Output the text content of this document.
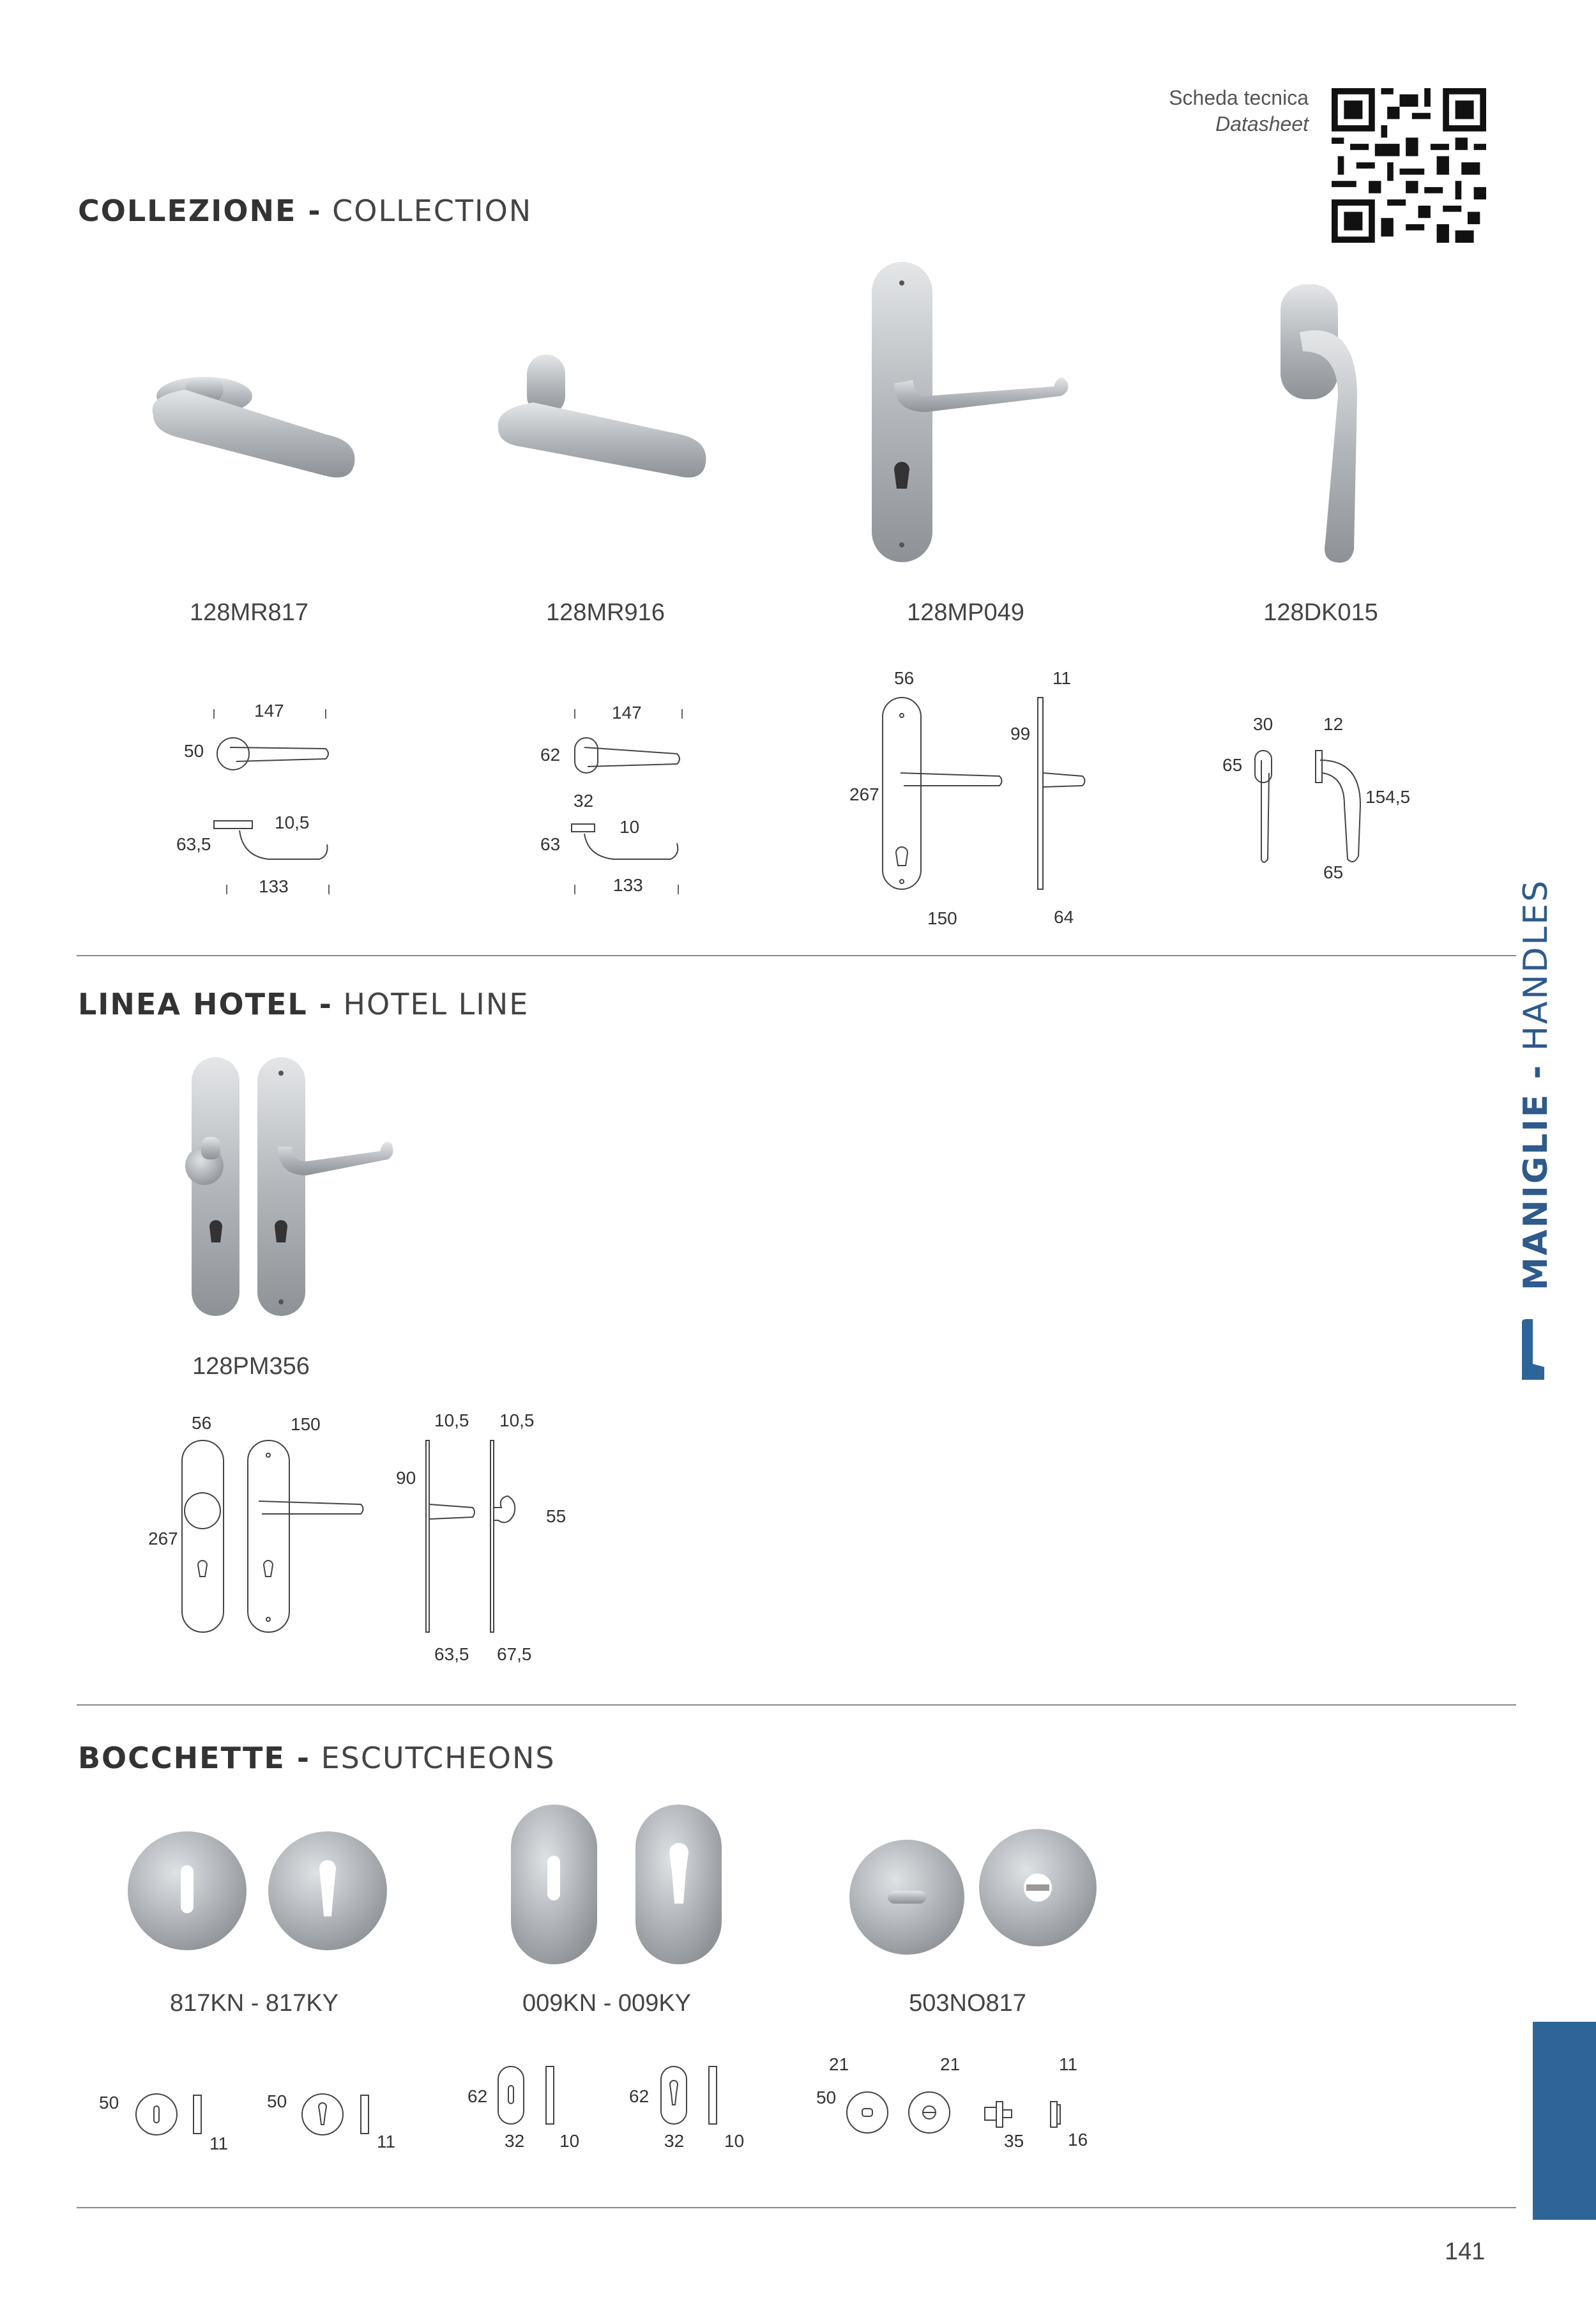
Scheda tecnica
Datasheet
COLLEZIONE - COLLECTION
LINEA HOTEL - HOTEL LINE
BOCCHETTE - ESCUTCHEONS
128MR817	128MR916	128MP049	128DK015
147
50
10,5
63,5
133
147
62
32
10
63
133
56	11
99
267
150	64
30	12
65
154,5
65
128PM356
56	150	10,5 10,5
90
55
267
63,5 67,5
817KN - 817KY	009KN - 009KY	503NO817
50
11
50
11
62
32 10
62
32 10
21	21	11
50
35 16
MANIGLIE - HANDLES
141
